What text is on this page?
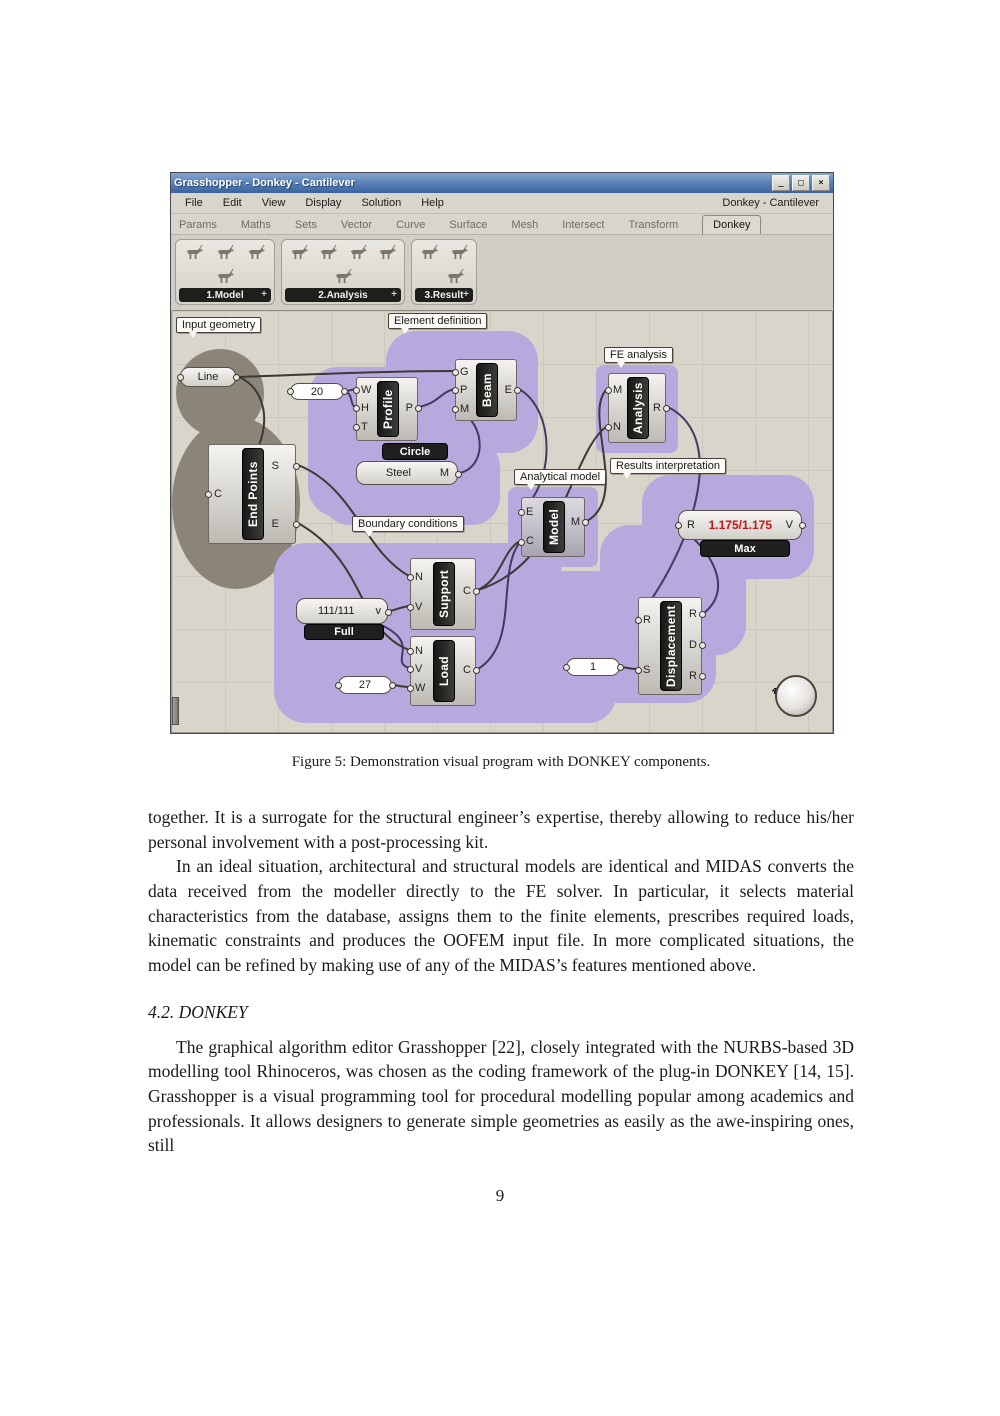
Grasshopper - Donkey - Cantilever	_	□	×
File Edit View Display Solution Help	Donkey - Cantilever
Params Maths Sets Vector Curve Surface Mesh Intersect Transform	Donkey
1.Model +	2.Analysis +	3.Result +
Input geometry	Element definition
FE analysis
Analytical model
Results interpretation
Boundary conditions
Line
End Points
C
S
E
20	Profile
W
H
T
P
Circle
Beam
G
P
M
E
Steel	M
Analysis
M
N
R
Model
E
C
M	R	1.175/1.175	V
Max
Support
N
V
C
111/111	v
Full
Load
N
V
W
C
27	Displacement
R
S
R
D
R
1

Figure 5: Demonstration visual program with DONKEY components.

together. It is a surrogate for the structural engineer’s expertise, thereby allowing to reduce his/her personal involvement with a post-processing kit.

In an ideal situation, architectural and structural models are identical and MIDAS converts the data received from the modeller directly to the FE solver. In particular, it selects material characteristics from the database, assigns them to the finite elements, prescribes required loads, kinematic constraints and produces the OOFEM input file. In more complicated situations, the model can be refined by making use of any of the MIDAS’s features mentioned above.

4.2. DONKEY

The graphical algorithm editor Grasshopper [22], closely integrated with the NURBS-based 3D modelling tool Rhinoceros, was chosen as the coding framework of the plug-in DONKEY [14, 15]. Grasshopper is a visual programming tool for procedural modelling popular among academics and professionals. It allows designers to generate simple geometries as easily as the awe-inspiring ones, still

9
